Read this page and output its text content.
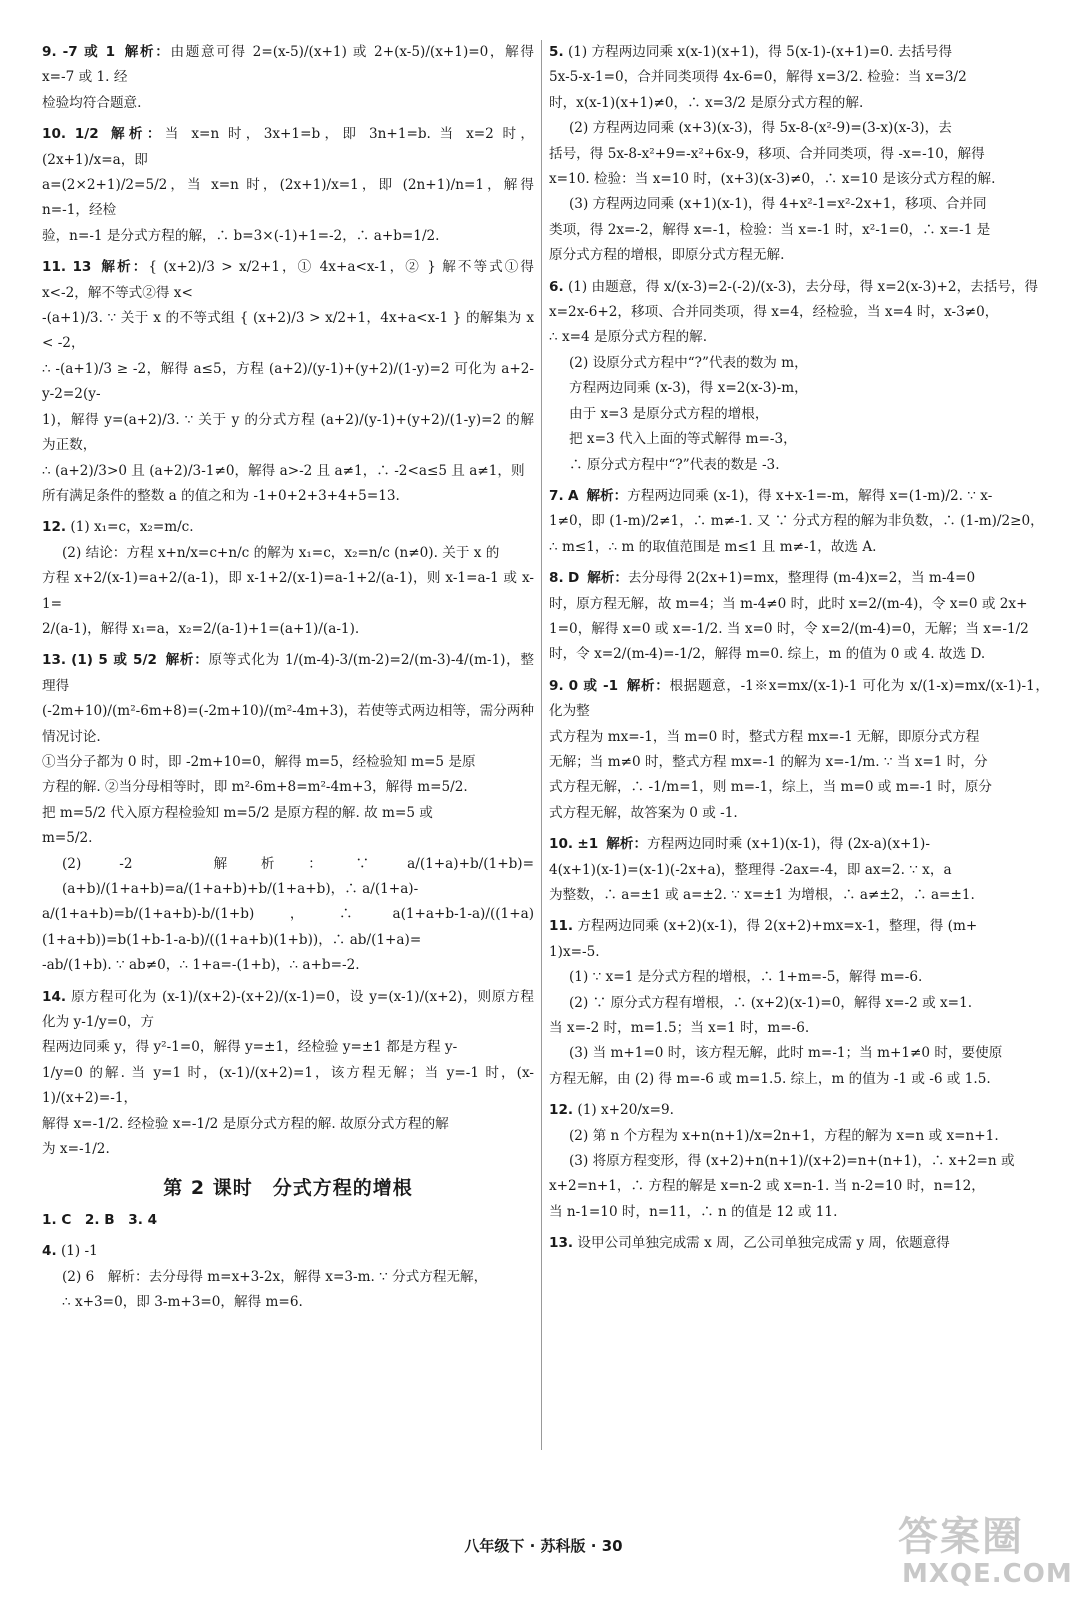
9. -7 或 1 解析：由题意可得 2=(x-5)/(x+1) 或 2+(x-5)/(x+1)=0，解得 x=-7 或 1. 经

检验均符合题意.

10. 1/2 解析：当 x=n 时，3x+1=b，即 3n+1=b. 当 x=2 时，(2x+1)/x=a，即

a=(2×2+1)/2=5/2，当 x=n 时，(2x+1)/x=1，即 (2n+1)/n=1，解得 n=-1，经检

验，n=-1 是分式方程的解，∴ b=3×(-1)+1=-2，∴ a+b=1/2.

11. 13 解析：{ (x+2)/3 > x/2+1，① 4x+a<x-1，② } 解不等式①得 x<-2，解不等式②得 x<

-(a+1)/3. ∵ 关于 x 的不等式组 { (x+2)/3 > x/2+1，4x+a<x-1 } 的解集为 x < -2，

∴ -(a+1)/3 ≥ -2，解得 a≤5，方程 (a+2)/(y-1)+(y+2)/(1-y)=2 可化为 a+2-y-2=2(y-

1)，解得 y=(a+2)/3. ∵ 关于 y 的分式方程 (a+2)/(y-1)+(y+2)/(1-y)=2 的解为正数，

∴ (a+2)/3>0 且 (a+2)/3-1≠0，解得 a>-2 且 a≠1，∴ -2<a≤5 且 a≠1，则

所有满足条件的整数 a 的值之和为 -1+0+2+3+4+5=13.

12. (1) x₁=c，x₂=m/c.

(2) 结论：方程 x+n/x=c+n/c 的解为 x₁=c，x₂=n/c (n≠0). 关于 x 的

方程 x+2/(x-1)=a+2/(a-1)，即 x-1+2/(x-1)=a-1+2/(a-1)，则 x-1=a-1 或 x-1=

2/(a-1)，解得 x₁=a，x₂=2/(a-1)+1=(a+1)/(a-1).

13. (1) 5 或 5/2 解析：原等式化为 1/(m-4)-3/(m-2)=2/(m-3)-4/(m-1)，整理得

(-2m+10)/(m²-6m+8)=(-2m+10)/(m²-4m+3)，若使等式两边相等，需分两种情况讨论.

①当分子都为 0 时，即 -2m+10=0，解得 m=5，经检验知 m=5 是原

方程的解. ②当分母相等时，即 m²-6m+8=m²-4m+3，解得 m=5/2.

把 m=5/2 代入原方程检验知 m=5/2 是原方程的解. 故 m=5 或

m=5/2.

(2) -2　解析：∵ a/(1+a)+b/(1+b)=(a+b)/(1+a+b)=a/(1+a+b)+b/(1+a+b)，∴ a/(1+a)-

a/(1+a+b)=b/(1+a+b)-b/(1+b)，∴ a(1+a+b-1-a)/((1+a)(1+a+b))=b(1+b-1-a-b)/((1+a+b)(1+b))，∴ ab/(1+a)=

-ab/(1+b). ∵ ab≠0，∴ 1+a=-(1+b)，∴ a+b=-2.

14. 原方程可化为 (x-1)/(x+2)-(x+2)/(x-1)=0，设 y=(x-1)/(x+2)，则原方程化为 y-1/y=0，方

程两边同乘 y，得 y²-1=0，解得 y=±1，经检验 y=±1 都是方程 y-

1/y=0 的解. 当 y=1 时，(x-1)/(x+2)=1，该方程无解；当 y=-1 时，(x-1)/(x+2)=-1，

解得 x=-1/2. 经检验 x=-1/2 是原分式方程的解. 故原分式方程的解

为 x=-1/2.

第 2 课时　分式方程的增根

1. C　2. B　3. 4

4. (1) -1

(2) 6　解析：去分母得 m=x+3-2x，解得 x=3-m. ∵ 分式方程无解，

∴ x+3=0，即 3-m+3=0，解得 m=6.

5. (1) 方程两边同乘 x(x-1)(x+1)，得 5(x-1)-(x+1)=0. 去括号得

5x-5-x-1=0，合并同类项得 4x-6=0，解得 x=3/2. 检验：当 x=3/2

时，x(x-1)(x+1)≠0，∴ x=3/2 是原分式方程的解.

(2) 方程两边同乘 (x+3)(x-3)，得 5x-8-(x²-9)=(3-x)(x-3)，去

括号，得 5x-8-x²+9=-x²+6x-9，移项、合并同类项，得 -x=-10，解得

x=10. 检验：当 x=10 时，(x+3)(x-3)≠0，∴ x=10 是该分式方程的解.

(3) 方程两边同乘 (x+1)(x-1)，得 4+x²-1=x²-2x+1，移项、合并同

类项，得 2x=-2，解得 x=-1，检验：当 x=-1 时，x²-1=0，∴ x=-1 是

原分式方程的增根，即原分式方程无解.

6. (1) 由题意，得 x/(x-3)=2-(-2)/(x-3)，去分母，得 x=2(x-3)+2，去括号，得

x=2x-6+2，移项、合并同类项，得 x=4，经检验，当 x=4 时，x-3≠0，

∴ x=4 是原分式方程的解.

(2) 设原分式方程中“?”代表的数为 m，

方程两边同乘 (x-3)，得 x=2(x-3)-m，

由于 x=3 是原分式方程的增根，

把 x=3 代入上面的等式解得 m=-3，

∴ 原分式方程中“?”代表的数是 -3.

7. A 解析：方程两边同乘 (x-1)，得 x+x-1=-m，解得 x=(1-m)/2. ∵ x-

1≠0，即 (1-m)/2≠1，∴ m≠-1. 又 ∵ 分式方程的解为非负数，∴ (1-m)/2≥0，

∴ m≤1，∴ m 的取值范围是 m≤1 且 m≠-1，故选 A.

8. D 解析：去分母得 2(2x+1)=mx，整理得 (m-4)x=2，当 m-4=0

时，原方程无解，故 m=4；当 m-4≠0 时，此时 x=2/(m-4)，令 x=0 或 2x+

1=0，解得 x=0 或 x=-1/2. 当 x=0 时，令 x=2/(m-4)=0，无解；当 x=-1/2

时，令 x=2/(m-4)=-1/2，解得 m=0. 综上，m 的值为 0 或 4. 故选 D.

9. 0 或 -1 解析：根据题意，-1※x=mx/(x-1)-1 可化为 x/(1-x)=mx/(x-1)-1，化为整

式方程为 mx=-1，当 m=0 时，整式方程 mx=-1 无解，即原分式方程

无解；当 m≠0 时，整式方程 mx=-1 的解为 x=-1/m. ∵ 当 x=1 时，分

式方程无解，∴ -1/m=1，则 m=-1，综上，当 m=0 或 m=-1 时，原分

式方程无解，故答案为 0 或 -1.

10. ±1 解析：方程两边同时乘 (x+1)(x-1)，得 (2x-a)(x+1)-

4(x+1)(x-1)=(x-1)(-2x+a)，整理得 -2ax=-4，即 ax=2. ∵ x，a

为整数，∴ a=±1 或 a=±2. ∵ x=±1 为增根，∴ a≠±2，∴ a=±1.

11. 方程两边同乘 (x+2)(x-1)，得 2(x+2)+mx=x-1，整理，得 (m+

1)x=-5.

(1) ∵ x=1 是分式方程的增根，∴ 1+m=-5，解得 m=-6.

(2) ∵ 原分式方程有增根，∴ (x+2)(x-1)=0，解得 x=-2 或 x=1.

当 x=-2 时，m=1.5；当 x=1 时，m=-6.

(3) 当 m+1=0 时，该方程无解，此时 m=-1；当 m+1≠0 时，要使原

方程无解，由 (2) 得 m=-6 或 m=1.5. 综上，m 的值为 -1 或 -6 或 1.5.

12. (1) x+20/x=9.

(2) 第 n 个方程为 x+n(n+1)/x=2n+1，方程的解为 x=n 或 x=n+1.

(3) 将原方程变形，得 (x+2)+n(n+1)/(x+2)=n+(n+1)，∴ x+2=n 或

x+2=n+1，∴ 方程的解是 x=n-2 或 x=n-1. 当 n-2=10 时，n=12，

当 n-1=10 时，n=11，∴ n 的值是 12 或 11.

13. 设甲公司单独完成需 x 周，乙公司单独完成需 y 周，依题意得

八年级下 · 苏科版 · 30	答案圈
MXQE.COM
